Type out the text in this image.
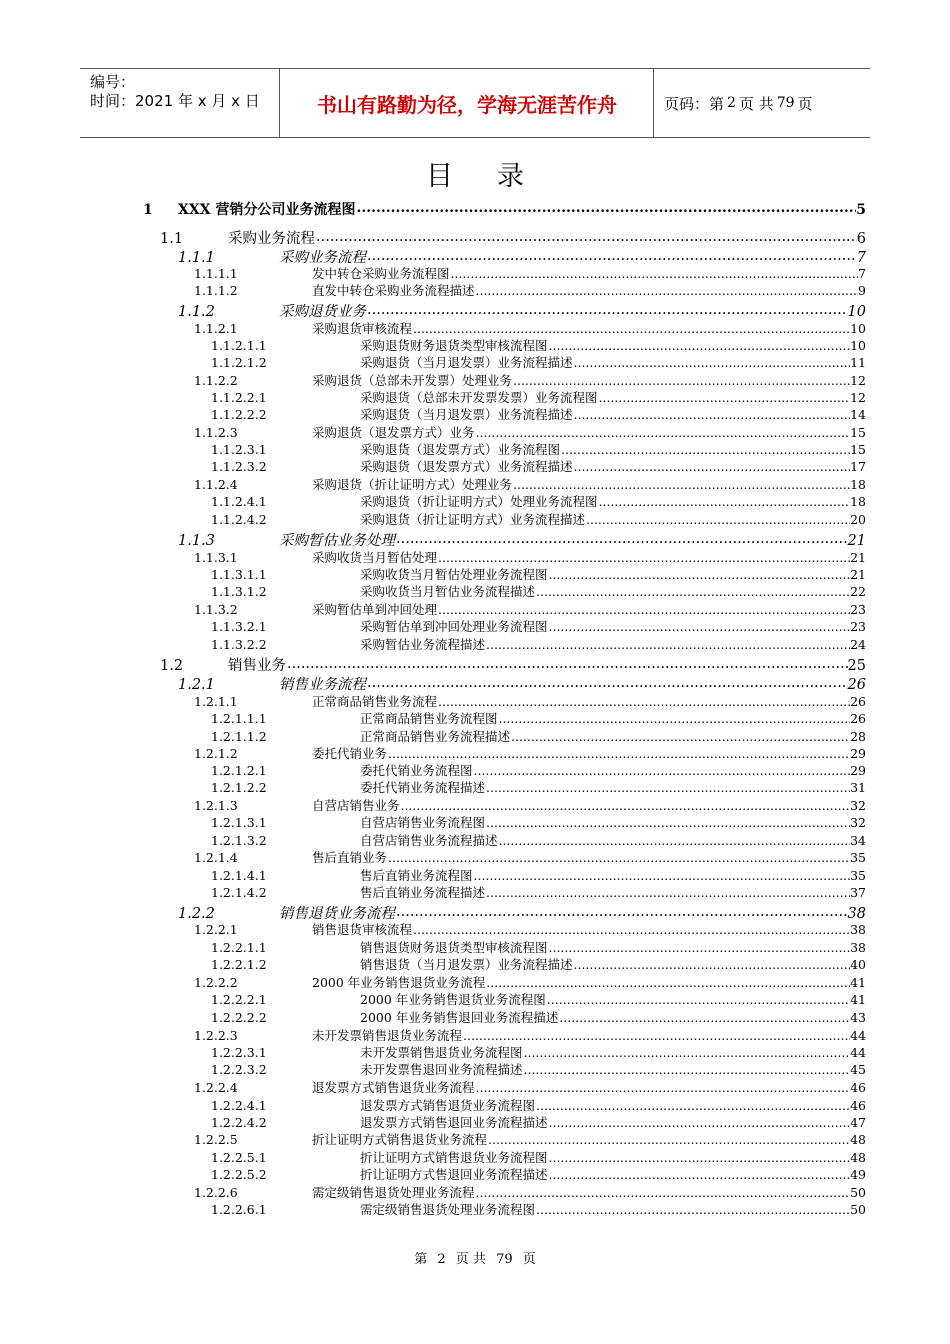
编号：
时间：2021 年 x 月 x 日	书山有路勤为径，学海无涯苦作舟	页码：第 2 页 共 79 页
目录
1	XXX 营销分公司业务流程图 .....	5
1.1	采购业务流程 .....	6
1.1.1	采购业务流程 .....	7
1.1.1.1	发中转仓采购业务流程图 .....	7
1.1.1.2	直发中转仓采购业务流程描述 .....	9
1.1.2	采购退货业务 .....	10
1.1.2.1	采购退货审核流程 .....	10
1.1.2.1.1	采购退货财务退货类型审核流程图 .....	10
1.1.2.1.2	采购退货（当月退发票）业务流程描述 .....	11
1.1.2.2	采购退货（总部未开发票）处理业务 .....	12
1.1.2.2.1	采购退货（总部未开发票发票）业务流程图 .....	12
1.1.2.2.2	采购退货（当月退发票）业务流程描述 .....	14
1.1.2.3	采购退货（退发票方式）业务 .....	15
1.1.2.3.1	采购退货（退发票方式）业务流程图 .....	15
1.1.2.3.2	采购退货（退发票方式）业务流程描述 .....	17
1.1.2.4	采购退货（折让证明方式）处理业务 .....	18
1.1.2.4.1	采购退货（折让证明方式）处理业务流程图 .....	18
1.1.2.4.2	采购退货（折让证明方式）业务流程描述 .....	20
1.1.3	采购暂估业务处理 .....	21
1.1.3.1	采购收货当月暂估处理 .....	21
1.1.3.1.1	采购收货当月暂估处理业务流程图 .....	21
1.1.3.1.2	采购收货当月暂估业务流程描述 .....	22
1.1.3.2	采购暂估单到冲回处理 .....	23
1.1.3.2.1	采购暂估单到冲回处理业务流程图 .....	23
1.1.3.2.2	采购暂估业务流程描述 .....	24
1.2	销售业务 .....	25
1.2.1	销售业务流程 .....	26
1.2.1.1	正常商品销售业务流程 .....	26
1.2.1.1.1	正常商品销售业务流程图 .....	26
1.2.1.1.2	正常商品销售业务流程描述 .....	28
1.2.1.2	委托代销业务 .....	29
1.2.1.2.1	委托代销业务流程图 .....	29
1.2.1.2.2	委托代销业务流程描述 .....	31
1.2.1.3	自营店销售业务 .....	32
1.2.1.3.1	自营店销售业务流程图 .....	32
1.2.1.3.2	自营店销售业务流程描述 .....	34
1.2.1.4	售后直销业务 .....	35
1.2.1.4.1	售后直销业务流程图 .....	35
1.2.1.4.2	售后直销业务流程描述 .....	37
1.2.2	销售退货业务流程 .....	38
1.2.2.1	销售退货审核流程 .....	38
1.2.2.1.1	销售退货财务退货类型审核流程图 .....	38
1.2.2.1.2	销售退货（当月退发票）业务流程描述 .....	40
1.2.2.2	2000 年业务销售退货业务流程 .....	41
1.2.2.2.1	2000 年业务销售退货业务流程图 .....	41
1.2.2.2.2	2000 年业务销售退回业务流程描述 .....	43
1.2.2.3	未开发票销售退货业务流程 .....	44
1.2.2.3.1	未开发票销售退货业务流程图 .....	44
1.2.2.3.2	未开发票售退回业务流程描述 .....	45
1.2.2.4	退发票方式销售退货业务流程 .....	46
1.2.2.4.1	退发票方式销售退货业务流程图 .....	46
1.2.2.4.2	退发票方式销售退回业务流程描述 .....	47
1.2.2.5	折让证明方式销售退货业务流程 .....	48
1.2.2.5.1	折让证明方式销售退货业务流程图 .....	48
1.2.2.5.2	折让证明方式售退回业务流程描述 .....	49
1.2.2.6	需定级销售退货处理业务流程 .....	50
1.2.2.6.1	需定级销售退货处理业务流程图 .....	50
第 2 页 共 79 页
